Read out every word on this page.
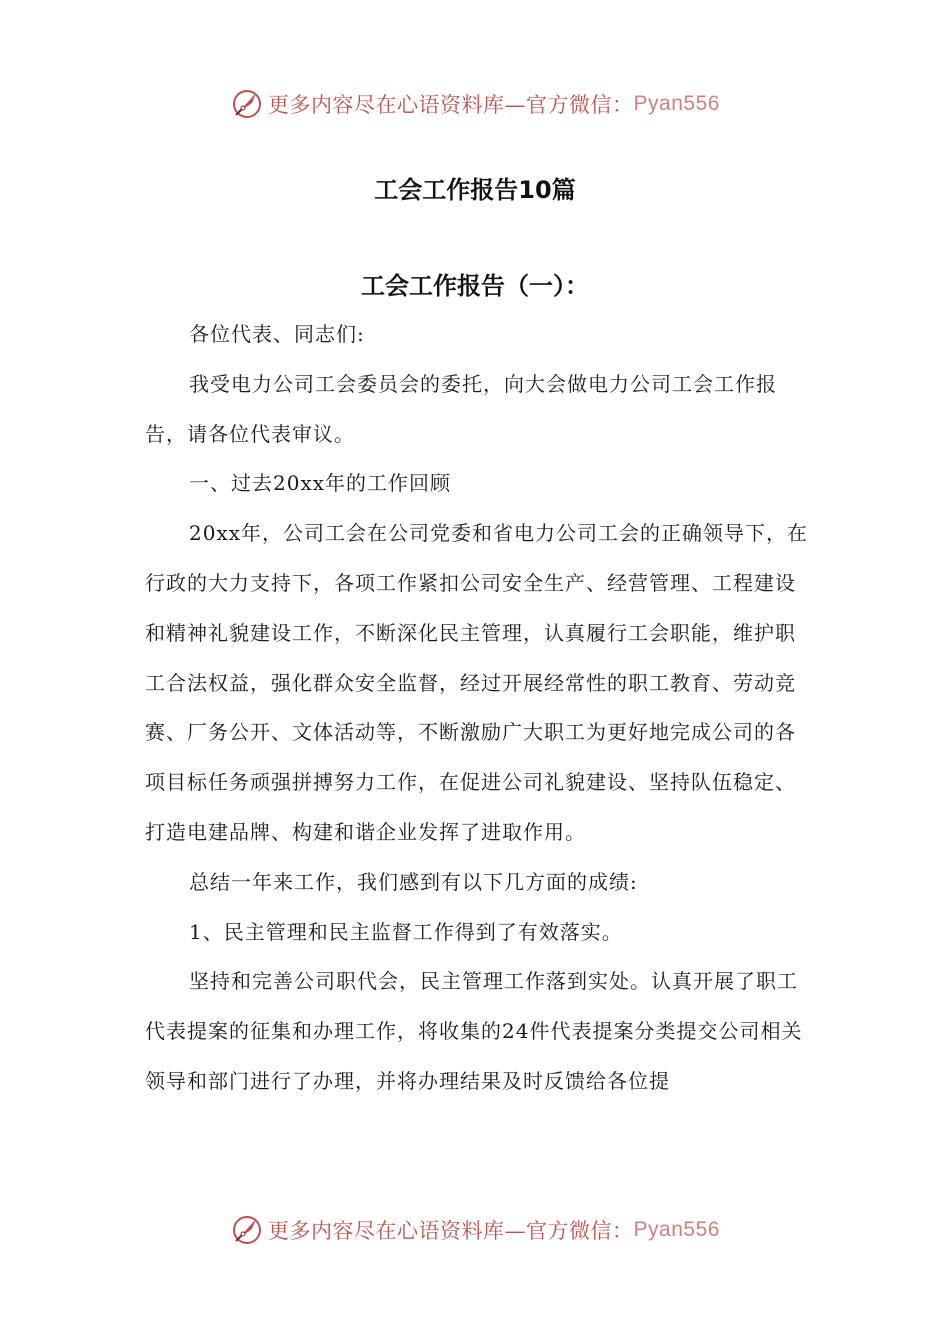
更多内容尽在心语资料库—官方微信： Pyan556
工会工作报告10篇
工会工作报告（一）：

各位代表、同志们:

我受电力公司工会委员会的委托，向大会做电力公司工会工作报告，请各位代表审议。

一、过去20xx年的工作回顾

20xx年，公司工会在公司党委和省电力公司工会的正确领导下，在行政的大力支持下，各项工作紧扣公司安全生产、经营管理、工程建设和精神礼貌建设工作，不断深化民主管理，认真履行工会职能，维护职工合法权益，强化群众安全监督，经过开展经常性的职工教育、劳动竞赛、厂务公开、文体活动等，不断激励广大职工为更好地完成公司的各项目标任务顽强拼搏努力工作，在促进公司礼貌建设、坚持队伍稳定、打造电建品牌、构建和谐企业发挥了进取作用。

总结一年来工作，我们感到有以下几方面的成绩:

1、民主管理和民主监督工作得到了有效落实。

坚持和完善公司职代会，民主管理工作落到实处。认真开展了职工代表提案的征集和办理工作，将收集的24件代表提案分类提交公司相关领导和部门进行了办理，并将办理结果及时反馈给各位提

更多内容尽在心语资料库—官方微信： Pyan556
